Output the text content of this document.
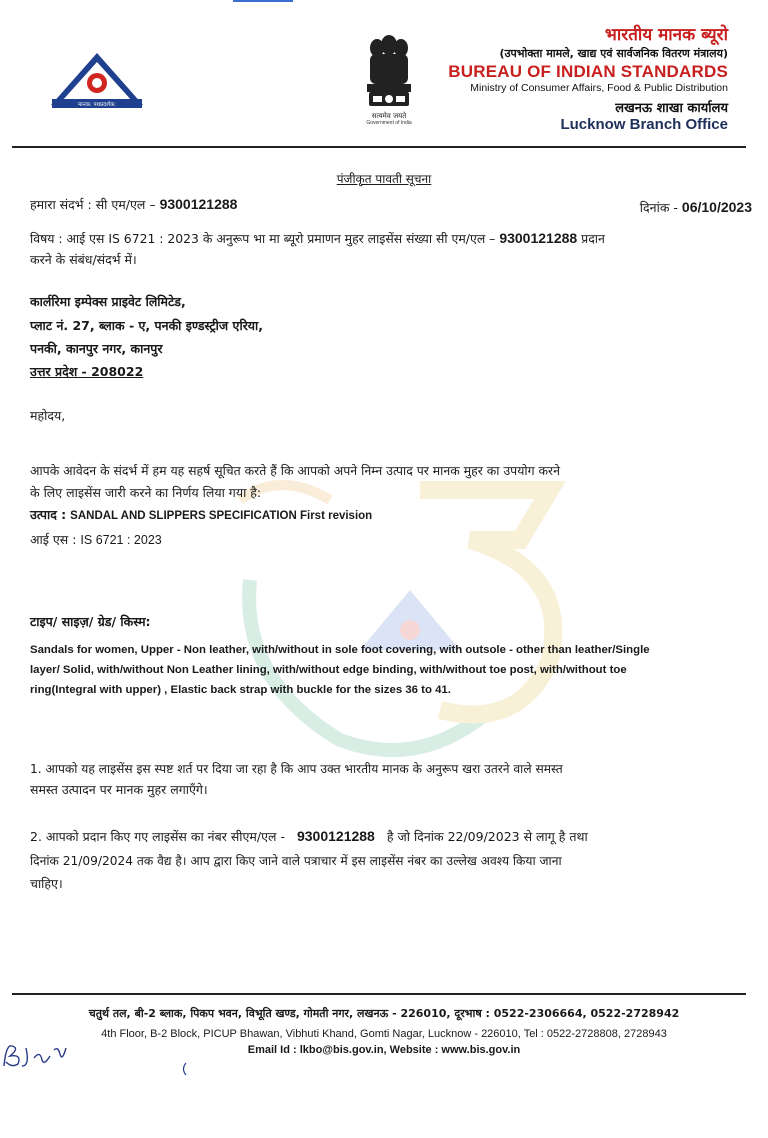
मानक: पथप्रदर्शक:
सत्यमेव जयते
Government of India
भारतीय मानक ब्यूरो
(उपभोक्ता मामले, खाद्य एवं सार्वजनिक वितरण मंत्रालय)
BUREAU OF INDIAN STANDARDS
Ministry of Consumer Affairs, Food & Public Distribution
लखनऊ शाखा कार्यालय
Lucknow Branch Office
पंजीकृत पावती सूचना
हमारा संदर्भ : सी एम/एल – 9300121288	दिनांक - 06/10/2023
विषय : आई एस IS 6721 : 2023 के अनुरूप भा मा ब्यूरो प्रमाणन मुहर लाइसेंस संख्या सी एम/एल – 9300121288 प्रदान
करने के संबंध/संदर्भ में।
कार्लरिमा इम्पेक्स प्राइवेट लिमिटेड,
प्लाट नं. 27, ब्लाक - ए, पनकी इण्डस्ट्रीज एरिया,
पनकी, कानपुर नगर, कानपुर
उत्तर प्रदेश - 208022
महोदय,
आपके आवेदन के संदर्भ में हम यह सहर्ष सूचित करते हैं कि आपको अपने निम्न उत्पाद पर मानक मुहर का उपयोग करने
के लिए लाइसेंस जारी करने का निर्णय लिया गया है:
उत्पाद : SANDAL AND SLIPPERS SPECIFICATION First revision
आई एस : IS 6721 : 2023
टाइप/ साइज़/ ग्रेड/ किस्म:
Sandals for women, Upper - Non leather, with/without in sole foot covering, with outsole - other than leather/Single
layer/ Solid, with/without Non Leather lining, with/without edge binding, with/without toe post, with/without toe
ring(Integral with upper) , Elastic back strap with buckle for the sizes 36 to 41.
1. आपको यह लाइसेंस इस स्पष्ट शर्त पर दिया जा रहा है कि आप उक्त भारतीय मानक के अनुरूप खरा उतरने वाले समस्त
समस्त उत्पादन पर मानक मुहर लगाएँगे।
2. आपको प्रदान किए गए लाइसेंस का नंबर सीएम/एल - 9300121288 है जो दिनांक 22/09/2023 से लागू है तथा
दिनांक 21/09/2024 तक वैद्य है। आप द्वारा किए जाने वाले पत्राचार में इस लाइसेंस नंबर का उल्लेख अवश्य किया जाना
चाहिए।
चतुर्थ तल, बी-2 ब्लाक, पिकप भवन, विभूति खण्ड, गोमती नगर, लखनऊ - 226010, दूरभाष : 0522-2306664, 0522-2728942
4th Floor, B-2 Block, PICUP Bhawan, Vibhuti Khand, Gomti Nagar, Lucknow - 226010, Tel : 0522-2728808, 2728943
Email Id : lkbo@bis.gov.in, Website : www.bis.gov.in
